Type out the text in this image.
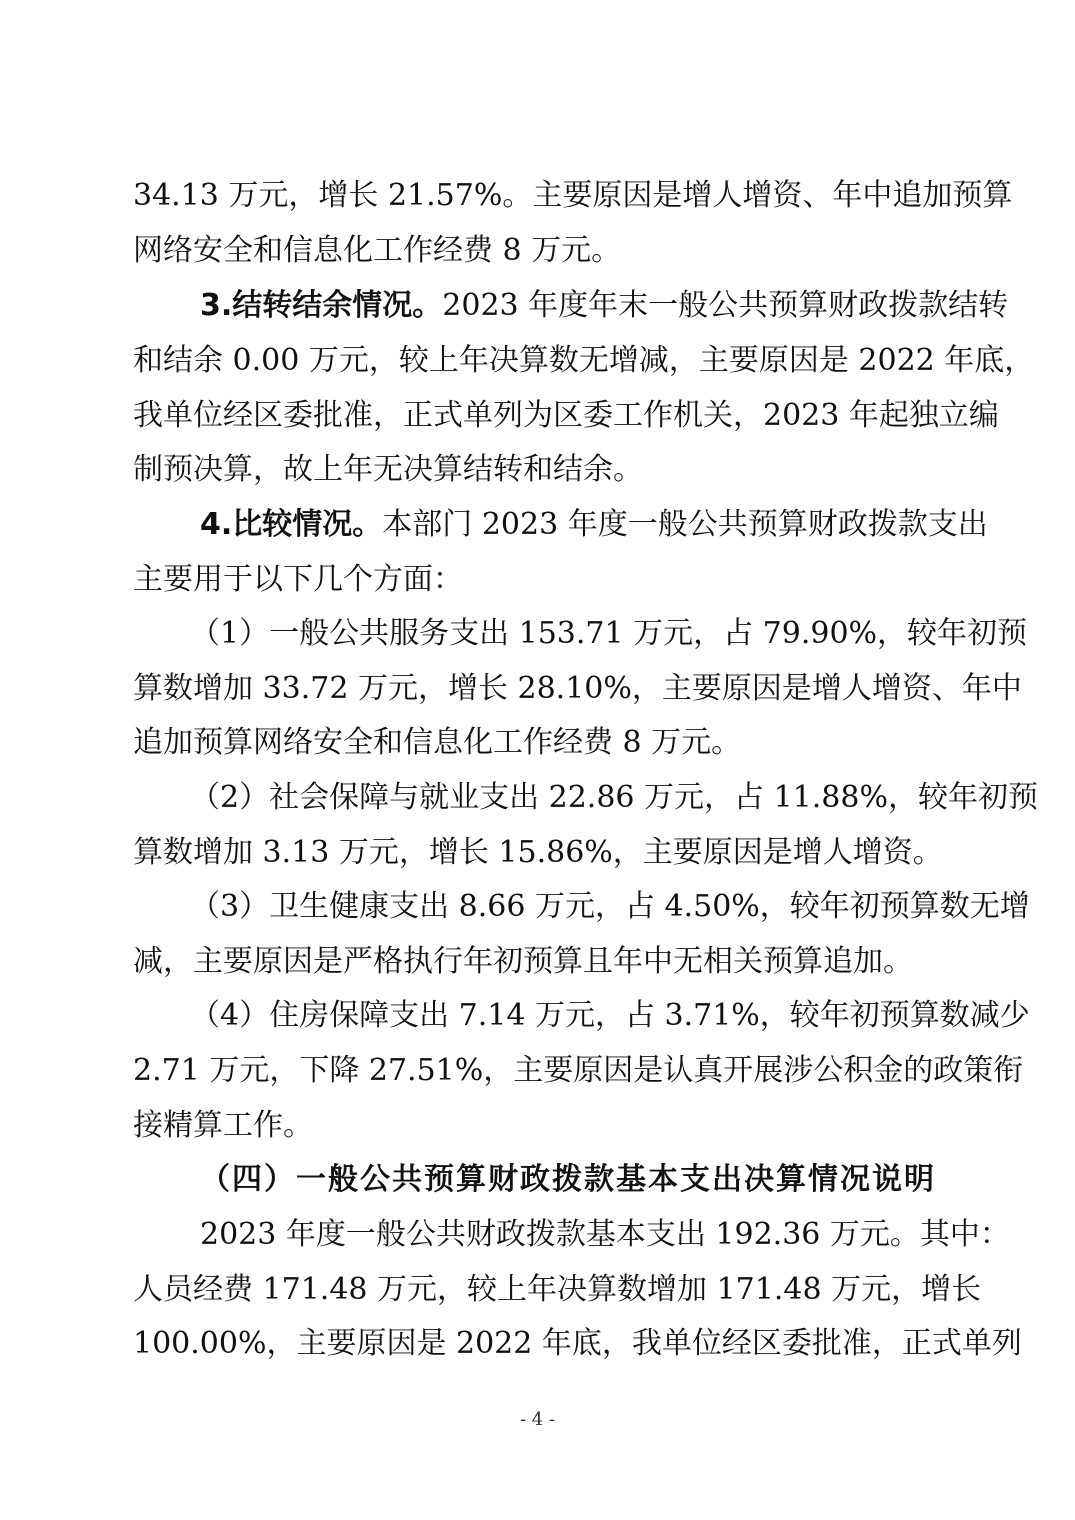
34.13 万元，增长 21.57%。主要原因是增人增资、年中追加预算
网络安全和信息化工作经费 8 万元。
3.结转结余情况。2023 年度年末一般公共预算财政拨款结转
和结余 0.00 万元，较上年决算数无增减，主要原因是 2022 年底，
我单位经区委批准，正式单列为区委工作机关，2023 年起独立编
制预决算，故上年无决算结转和结余。
4.比较情况。本部门 2023 年度一般公共预算财政拨款支出
主要用于以下几个方面：
（1）一般公共服务支出 153.71 万元，占 79.90%，较年初预
算数增加 33.72 万元，增长 28.10%，主要原因是增人增资、年中
追加预算网络安全和信息化工作经费 8 万元。
（2）社会保障与就业支出 22.86 万元，占 11.88%，较年初预
算数增加 3.13 万元，增长 15.86%，主要原因是增人增资。
（3）卫生健康支出 8.66 万元，占 4.50%，较年初预算数无增
减，主要原因是严格执行年初预算且年中无相关预算追加。
（4）住房保障支出 7.14 万元，占 3.71%，较年初预算数减少
2.71 万元，下降 27.51%，主要原因是认真开展涉公积金的政策衔
接精算工作。
（四）一般公共预算财政拨款基本支出决算情况说明
2023 年度一般公共财政拨款基本支出 192.36 万元。其中：
人员经费 171.48 万元，较上年决算数增加 171.48 万元，增长
100.00%，主要原因是 2022 年底，我单位经区委批准，正式单列
- 4 -
